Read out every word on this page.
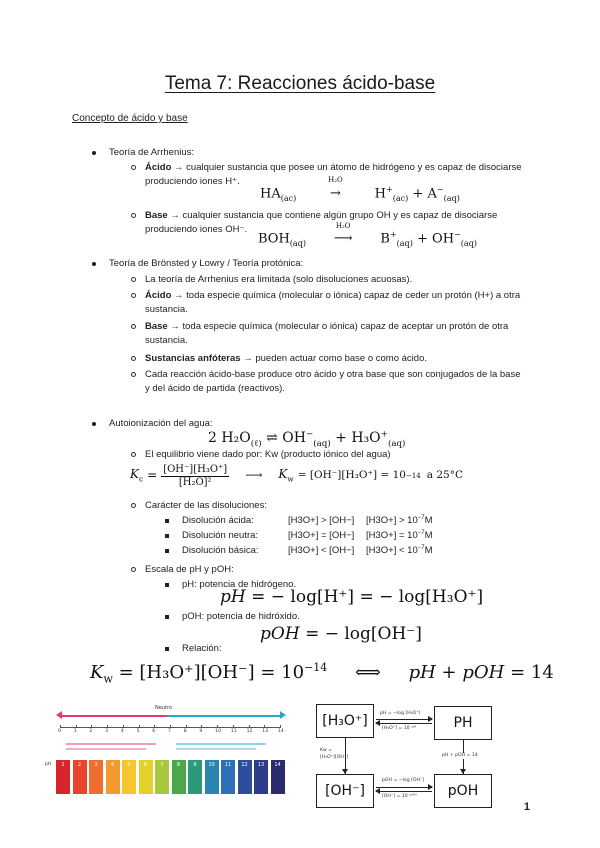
Tema 7: Reacciones ácido-base
Concepto de ácido y base
Teoría de Arrhenius:
Ácido → cualquier sustancia que posee un átomo de hidrógeno y es capaz de disociarse produciendo iones H⁺.
$HA_{(ac)}$
H₂O
→	$H^+_{(ac)} + A^-_{(aq)}$
Base → cualquier sustancia que contiene algún grupo OH y es capaz de disociarse produciendo iones OH⁻.
$BOH_{(aq)}$
H₂O
⟶ $B^+_{(aq)} + OH^-_{(aq)}$
Teoría de Brönsted y Lowry / Teoría protónica:
La teoría de Arrhenius era limitada (solo disoluciones acuosas).
Ácido → toda especie química (molecular o iónica) capaz de ceder un protón (H+) a otra sustancia.
Base → toda especie química (molecular o iónica) capaz de aceptar un protón de otra sustancia.
Sustancias anfóteras → pueden actuar como base o como ácido.
Cada reacción ácido-base produce otro ácido y otra base que son conjugados de la base y del ácido de partida (reactivos).
Autoionización del agua:
2 $H_2O_{(\ell)}$ ⇌ $OH^-_{(aq)} + H_3O^+_{(aq)}$
El equilibrio viene dado por: Kw (producto iónico del agua)
$K_c = \frac{\text{[OH⁻][H₃O⁺]}}{\text{[H₂O]²}}$ ⟶ $K_w = [OH^-][H_3O^+] = 10 -14$ a 25°C
Carácter de las disoluciones:
Disolución ácida:	[H3O+] > [OH−] $[H3O+] > 10^{-7}M$
Disolución neutra:	[H3O+] = [OH−] $[H3O+] = 10^{-7}M$
Disolución básica:	[H3O+] < [OH−] $[H3O+] < 10^{-7}M$
Escala de pH y pOH:
pH: potencia de hidrógeno.
pH = − log[H⁺] = − log[H₃O⁺]
pOH: potencia de hidróxido.
pOH = − log[OH⁻]
Relación:
$K_w = [H_3O^+][OH^-] = 10^{-14}$ ⟺ pH + pOH = 14
Neutro
0	1	2	3	4	5	6	7	8	9	10 11 12 13 14
pH	1	2	3	4	5	6	7	8	9	10	11	12	13	14
[H₃O⁺]	PH
[OH⁻]	pOH
pH = −log [H₃O⁺]
[H₃O⁺] = 10⁻ᵖᴴ
pOH = −log [OH⁻]
[OH⁻] = 10⁻ᵖᴼᴴ
Kw =
[H₃O⁺][OH⁻]	pH + pOH = 14
1
